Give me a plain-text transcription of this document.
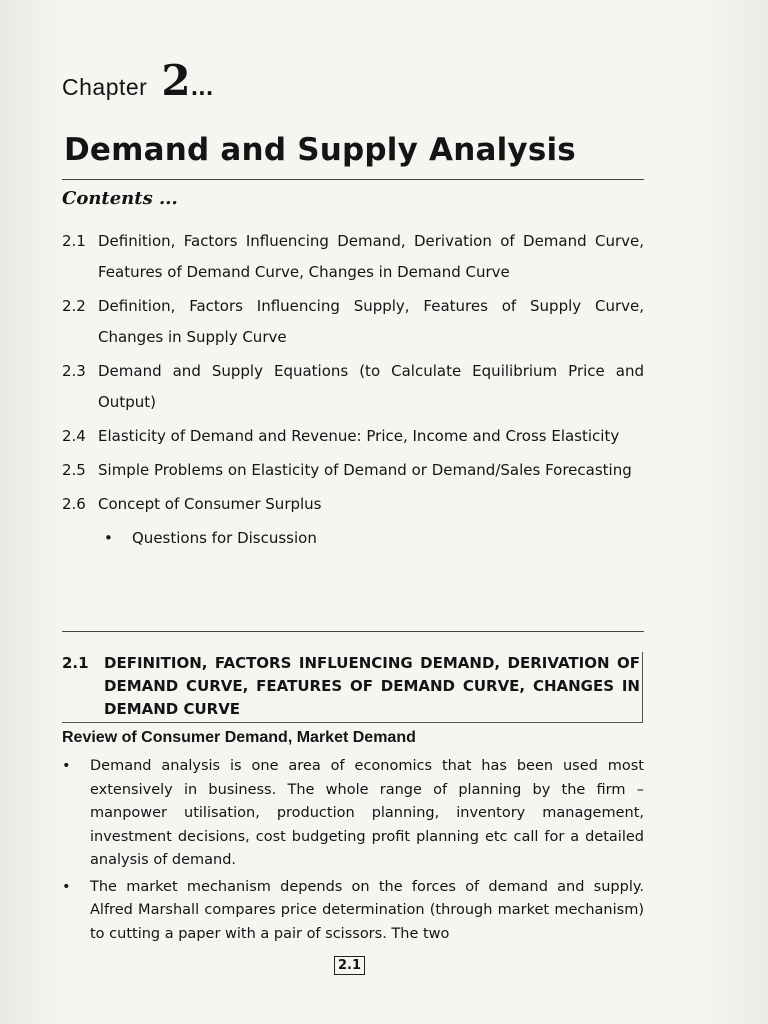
Chapter 2...
Demand and Supply Analysis
Contents ...
2.1 Definition, Factors Influencing Demand, Derivation of Demand Curve, Features of Demand Curve, Changes in Demand Curve
2.2 Definition, Factors Influencing Supply, Features of Supply Curve, Changes in Supply Curve
2.3 Demand and Supply Equations (to Calculate Equilibrium Price and Output)
2.4 Elasticity of Demand and Revenue: Price, Income and Cross Elasticity
2.5 Simple Problems on Elasticity of Demand or Demand/Sales Forecasting
2.6 Concept of Consumer Surplus
• Questions for Discussion
2.1 DEFINITION, FACTORS INFLUENCING DEMAND, DERIVATION OF DEMAND CURVE, FEATURES OF DEMAND CURVE, CHANGES IN DEMAND CURVE
Review of Consumer Demand, Market Demand
• Demand analysis is one area of economics that has been used most extensively in business. The whole range of planning by the firm – manpower utilisation, production planning, inventory management, investment decisions, cost budgeting profit planning etc call for a detailed analysis of demand.
• The market mechanism depends on the forces of demand and supply. Alfred Marshall compares price determination (through market mechanism) to cutting a paper with a pair of scissors. The two
2.1
